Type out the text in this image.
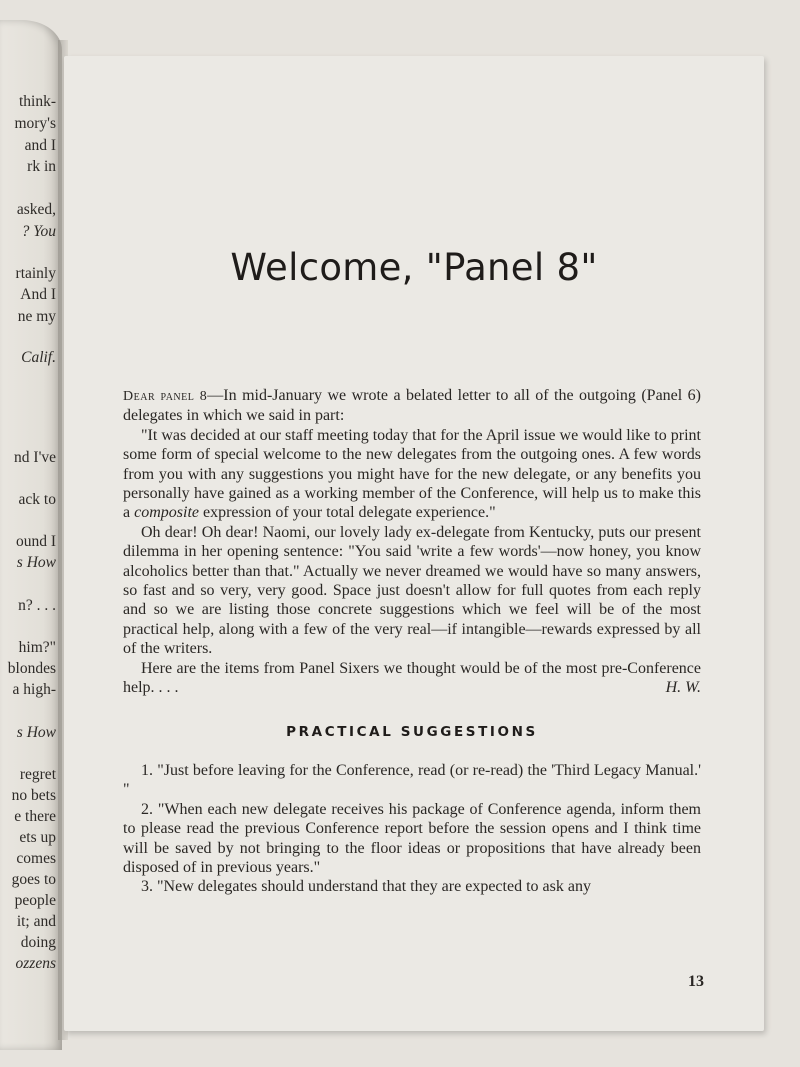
think-
mory's
and I
rk in
asked,
? You
rtainly
And I
ne my
Calif.
nd I've
ack to
ound I
s How
n? . . .
him?"
blondes
a high-
s How
regret
no bets
e there
ets up
comes
goes to
people
it; and
doing
ozzens
Welcome, "Panel 8"

Dear panel 8—In mid-January we wrote a belated letter to all of the outgoing (Panel 6) delegates in which we said in part:

"It was decided at our staff meeting today that for the April issue we would like to print some form of special welcome to the new delegates from the outgoing ones. A few words from you with any suggestions you might have for the new delegate, or any benefits you personally have gained as a working member of the Conference, will help us to make this a composite expression of your total delegate experience."

Oh dear! Oh dear! Naomi, our lovely lady ex-delegate from Kentucky, puts our present dilemma in her opening sentence: "You said 'write a few words'—now honey, you know alcoholics better than that." Actually we never dreamed we would have so many answers, so fast and so very, very good. Space just doesn't allow for full quotes from each reply and so we are listing those concrete suggestions which we feel will be of the most practical help, along with a few of the very real—if intangible—rewards expressed by all of the writers.

Here are the items from Panel Sixers we thought would be of the most pre-Conference help. . . .	H. W.

PRACTICAL SUGGESTIONS

1. "Just before leaving for the Conference, read (or re-read) the 'Third Legacy Manual.' "

2. "When each new delegate receives his package of Conference agenda, inform them to please read the previous Conference report before the session opens and I think time will be saved by not bringing to the floor ideas or propositions that have already been disposed of in previous years."

3. "New delegates should understand that they are expected to ask any

13
